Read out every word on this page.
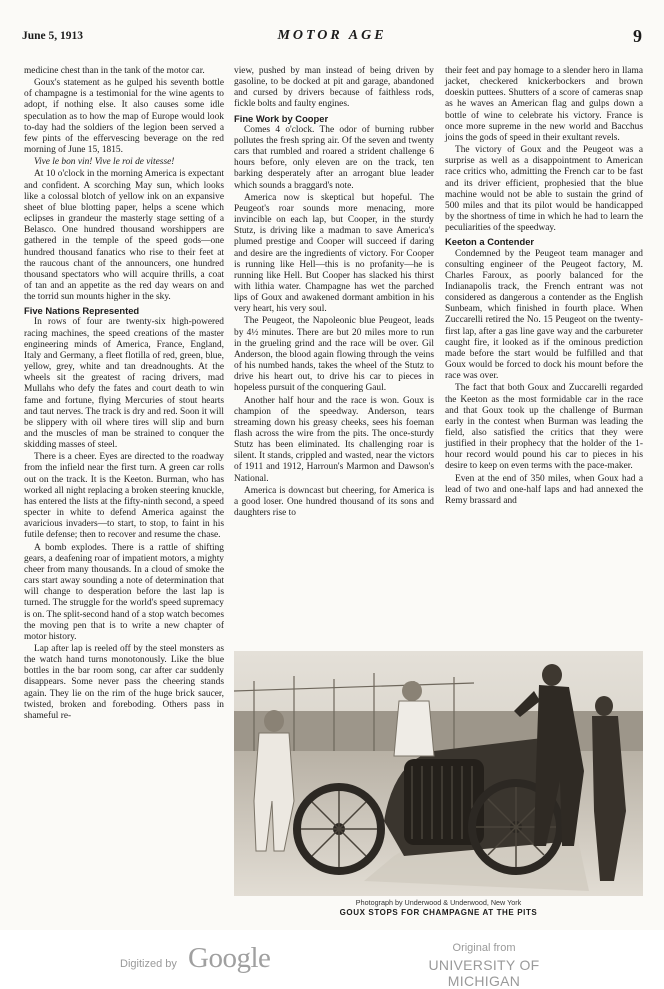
June 5, 1913	MOTOR AGE	9

medicine chest than in the tank of the motor car.

Goux's statement as he gulped his seventh bottle of champagne is a testimonial for the wine agents to adopt, if nothing else. It also causes some idle speculation as to how the map of Europe would look to-day had the soldiers of the legion been served a few pints of the effervescing beverage on the red morning of June 15, 1815.

Vive le bon vin! Vive le roi de vitesse!

At 10 o'clock in the morning America is expectant and confident. A scorching May sun, which looks like a colossal blotch of yellow ink on an expansive sheet of blue blotting paper, helps a scene which eclipses in grandeur the masterly stage setting of a Belasco. One hundred thousand worshippers are gathered in the temple of the speed gods—one hundred thousand fanatics who rise to their feet at the raucous chant of the announcers, one hundred thousand spectators who will acquire thrills, a coat of tan and an appetite as the red day wears on and the torrid sun mounts higher in the sky.

Five Nations Represented

In rows of four are twenty-six high-powered racing machines, the speed creations of the master engineering minds of America, France, England, Italy and Germany, a fleet flotilla of red, green, blue, yellow, grey, white and tan dreadnoughts. At the wheels sit the greatest of racing drivers, mad Mullahs who defy the fates and court death to win fame and fortune, flying Mercuries of stout hearts and taut nerves. The track is dry and red. Soon it will be slippery with oil where tires will slip and burn and the muscles of man be strained to conquer the skidding masses of steel.

There is a cheer. Eyes are directed to the roadway from the infield near the first turn. A green car rolls out on the track. It is the Keeton. Burman, who has worked all night replacing a broken steering knuckle, has entered the lists at the fifty-ninth second, a speed specter in white to defend America against the avaricious invaders—to start, to stop, to faint in his futile defense; then to recover and resume the chase.

A bomb explodes. There is a rattle of shifting gears, a deafening roar of impatient motors, a mighty cheer from many thousands. In a cloud of smoke the cars start away sounding a note of determination that will change to desperation before the last lap is turned. The struggle for the world's speed supremacy is on. The split-second hand of a stop watch becomes the moving pen that is to write a new chapter of motor history.

Lap after lap is reeled off by the steel monsters as the watch hand turns monotonously. Like the blue bottles in the bar room song, car after car suddenly disappears. Some never pass the cheering stands again. They lie on the rim of the huge brick saucer, twisted, broken and foreboding. Others pass in shameful re-

view, pushed by man instead of being driven by gasoline, to be docked at pit and garage, abandoned and cursed by drivers because of faithless rods, fickle bolts and faulty engines.

Fine Work by Cooper

Comes 4 o'clock. The odor of burning rubber pollutes the fresh spring air. Of the seven and twenty cars that rumbled and roared a strident challenge 6 hours before, only eleven are on the track, ten barking desperately after an arrogant blue leader which sounds a braggard's note.

America now is skeptical but hopeful. The Peugeot's roar sounds more menacing, more invincible on each lap, but Cooper, in the sturdy Stutz, is driving like a madman to save America's plumed prestige and Cooper will succeed if daring and desire are the ingredients of victory. For Cooper is running like Hell—this is no profanity—he is running like Hell. But Cooper has slacked his thirst with lithia water. Champagne has wet the parched lips of Goux and awakened dormant ambition in his very heart, his very soul.

The Peugeot, the Napoleonic blue Peugeot, leads by 4½ minutes. There are but 20 miles more to run in the grueling grind and the race will be over. Gil Anderson, the blood again flowing through the veins of his numbed hands, takes the wheel of the Stutz to drive his heart out, to drive his car to pieces in hopeless pursuit of the conquering Gaul.

Another half hour and the race is won. Goux is champion of the speedway. Anderson, tears streaming down his greasy cheeks, sees his foeman flash across the wire from the pits. The once-sturdy Stutz has been eliminated. Its challenging roar is silent. It stands, crippled and wasted, near the victors of 1911 and 1912, Harroun's Marmon and Dawson's National.

America is downcast but cheering, for America is a good loser. One hundred thousand of its sons and daughters rise to

their feet and pay homage to a slender hero in llama jacket, checkered knickerbockers and brown doeskin puttees. Shutters of a score of cameras snap as he waves an American flag and gulps down a bottle of wine to celebrate his victory. France is once more supreme in the new world and Bacchus joins the gods of speed in their exultant revels.

The victory of Goux and the Peugeot was a surprise as well as a disappointment to American race critics who, admitting the French car to be fast and its driver efficient, prophesied that the blue machine would not be able to sustain the grind of 500 miles and that its pilot would be handicapped by the shortness of time in which he had to learn the peculiarities of the speedway.

Keeton a Contender

Condemned by the Peugeot team manager and consulting engineer of the Peugeot factory, M. Charles Faroux, as poorly balanced for the Indianapolis track, the French entrant was not considered as dangerous a contender as the English Sunbeam, which finished in fourth place. When Zuccarelli retired the No. 15 Peugeot on the twenty-first lap, after a gas line gave way and the carbureter caught fire, it looked as if the ominous prediction made before the start would be fulfilled and that Goux would be forced to dock his mount before the race was over.

The fact that both Goux and Zuccarelli regarded the Keeton as the most formidable car in the race and that Goux took up the challenge of Burman early in the contest when Burman was leading the field, also satisfied the critics that they were justified in their prophecy that the holder of the 1-hour record would pound his car to pieces in his desire to keep on even terms with the pace-maker.

Even at the end of 350 miles, when Goux had a lead of two and one-half laps and had annexed the Remy brassard and

Photograph by Underwood & Underwood, New York
GOUX STOPS FOR CHAMPAGNE AT THE PITS
Digitized by Google	Original from
UNIVERSITY OF MICHIGAN
